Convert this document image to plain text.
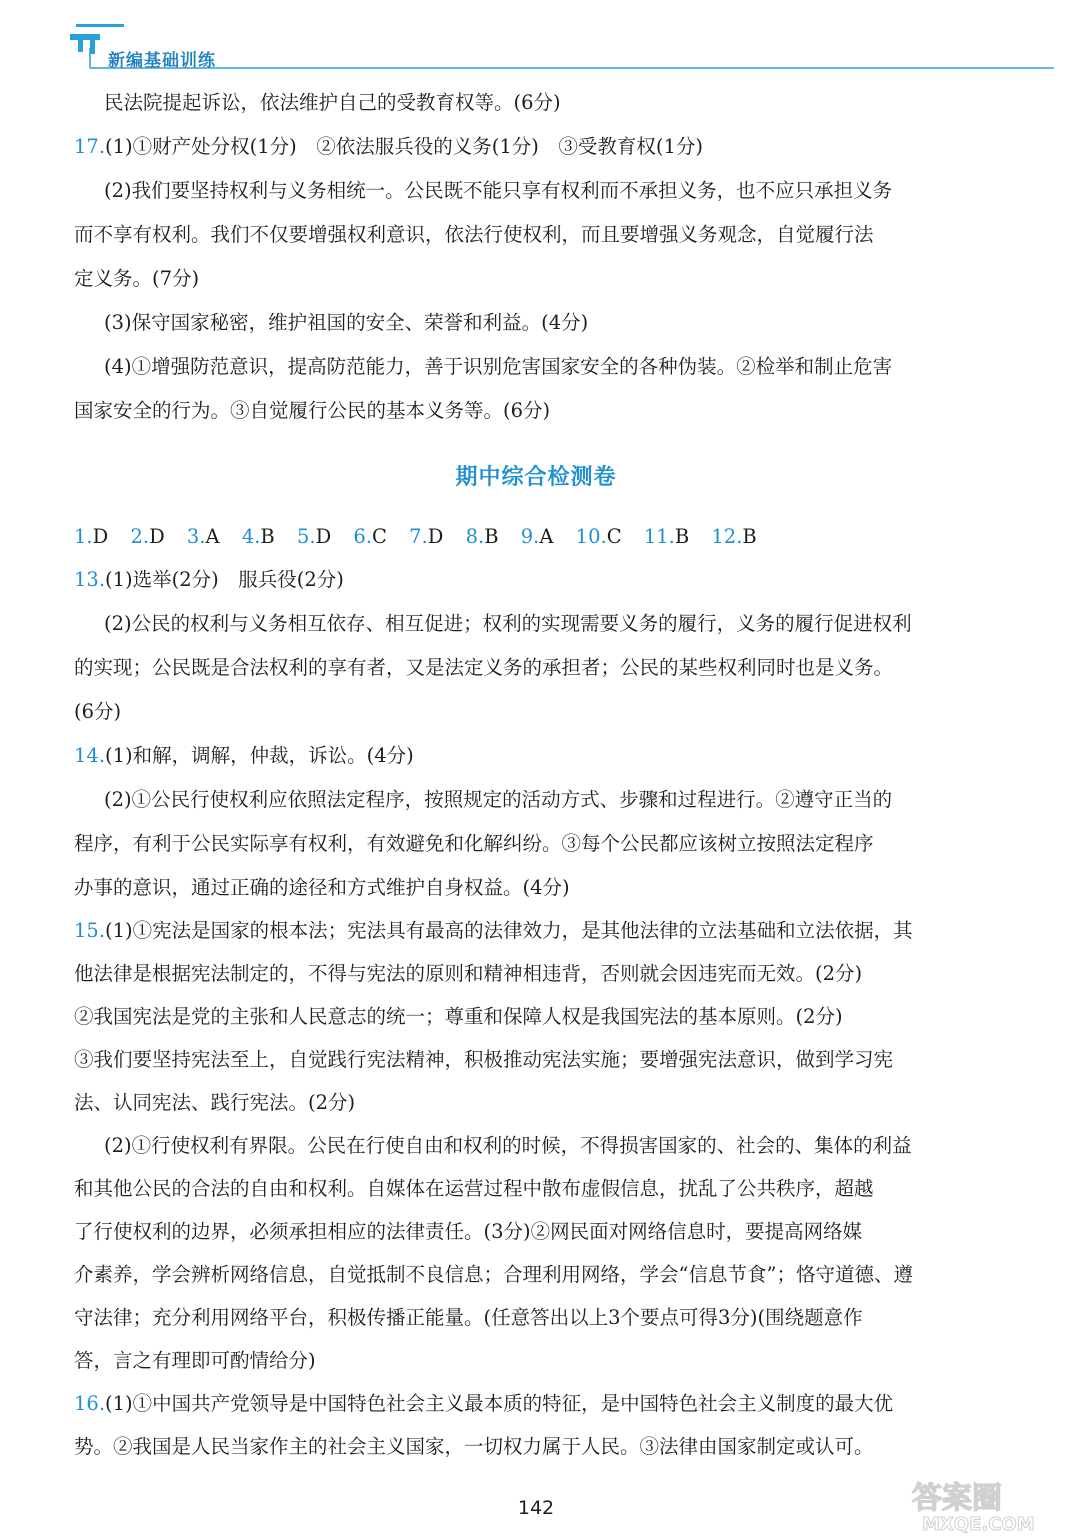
新编基础训练
民法院提起诉讼，依法维护自己的受教育权等。(6分)
17.(1)①财产处分权(1分)　②依法服兵役的义务(1分)　③受教育权(1分)
(2)我们要坚持权利与义务相统一。公民既不能只享有权利而不承担义务，也不应只承担义务
而不享有权利。我们不仅要增强权利意识，依法行使权利，而且要增强义务观念，自觉履行法
定义务。(7分)
(3)保守国家秘密，维护祖国的安全、荣誉和利益。(4分)
(4)①增强防范意识，提高防范能力，善于识别危害国家安全的各种伪装。②检举和制止危害
国家安全的行为。③自觉履行公民的基本义务等。(6分)
期中综合检测卷
1.D 2.D 3.A 4.B 5.D 6.C 7.D 8.B 9.A 10.C 11.B 12.B
13.(1)选举(2分)　服兵役(2分)
(2)公民的权利与义务相互依存、相互促进；权利的实现需要义务的履行，义务的履行促进权利
的实现；公民既是合法权利的享有者，又是法定义务的承担者；公民的某些权利同时也是义务。
(6分)
14.(1)和解，调解，仲裁，诉讼。(4分)
(2)①公民行使权利应依照法定程序，按照规定的活动方式、步骤和过程进行。②遵守正当的
程序，有利于公民实际享有权利，有效避免和化解纠纷。③每个公民都应该树立按照法定程序
办事的意识，通过正确的途径和方式维护自身权益。(4分)
15.(1)①宪法是国家的根本法；宪法具有最高的法律效力，是其他法律的立法基础和立法依据，其
他法律是根据宪法制定的，不得与宪法的原则和精神相违背，否则就会因违宪而无效。(2分)
②我国宪法是党的主张和人民意志的统一；尊重和保障人权是我国宪法的基本原则。(2分)
③我们要坚持宪法至上，自觉践行宪法精神，积极推动宪法实施；要增强宪法意识，做到学习宪
法、认同宪法、践行宪法。(2分)
(2)①行使权利有界限。公民在行使自由和权利的时候，不得损害国家的、社会的、集体的利益
和其他公民的合法的自由和权利。自媒体在运营过程中散布虚假信息，扰乱了公共秩序，超越
了行使权利的边界，必须承担相应的法律责任。(3分)②网民面对网络信息时，要提高网络媒
介素养，学会辨析网络信息，自觉抵制不良信息；合理利用网络，学会“信息节食”；恪守道德、遵
守法律；充分利用网络平台，积极传播正能量。(任意答出以上3个要点可得3分)(围绕题意作
答，言之有理即可酌情给分)
16.(1)①中国共产党领导是中国特色社会主义最本质的特征，是中国特色社会主义制度的最大优
势。②我国是人民当家作主的社会主义国家，一切权力属于人民。③法律由国家制定或认可。
142	答案圈
MXQE.COM
